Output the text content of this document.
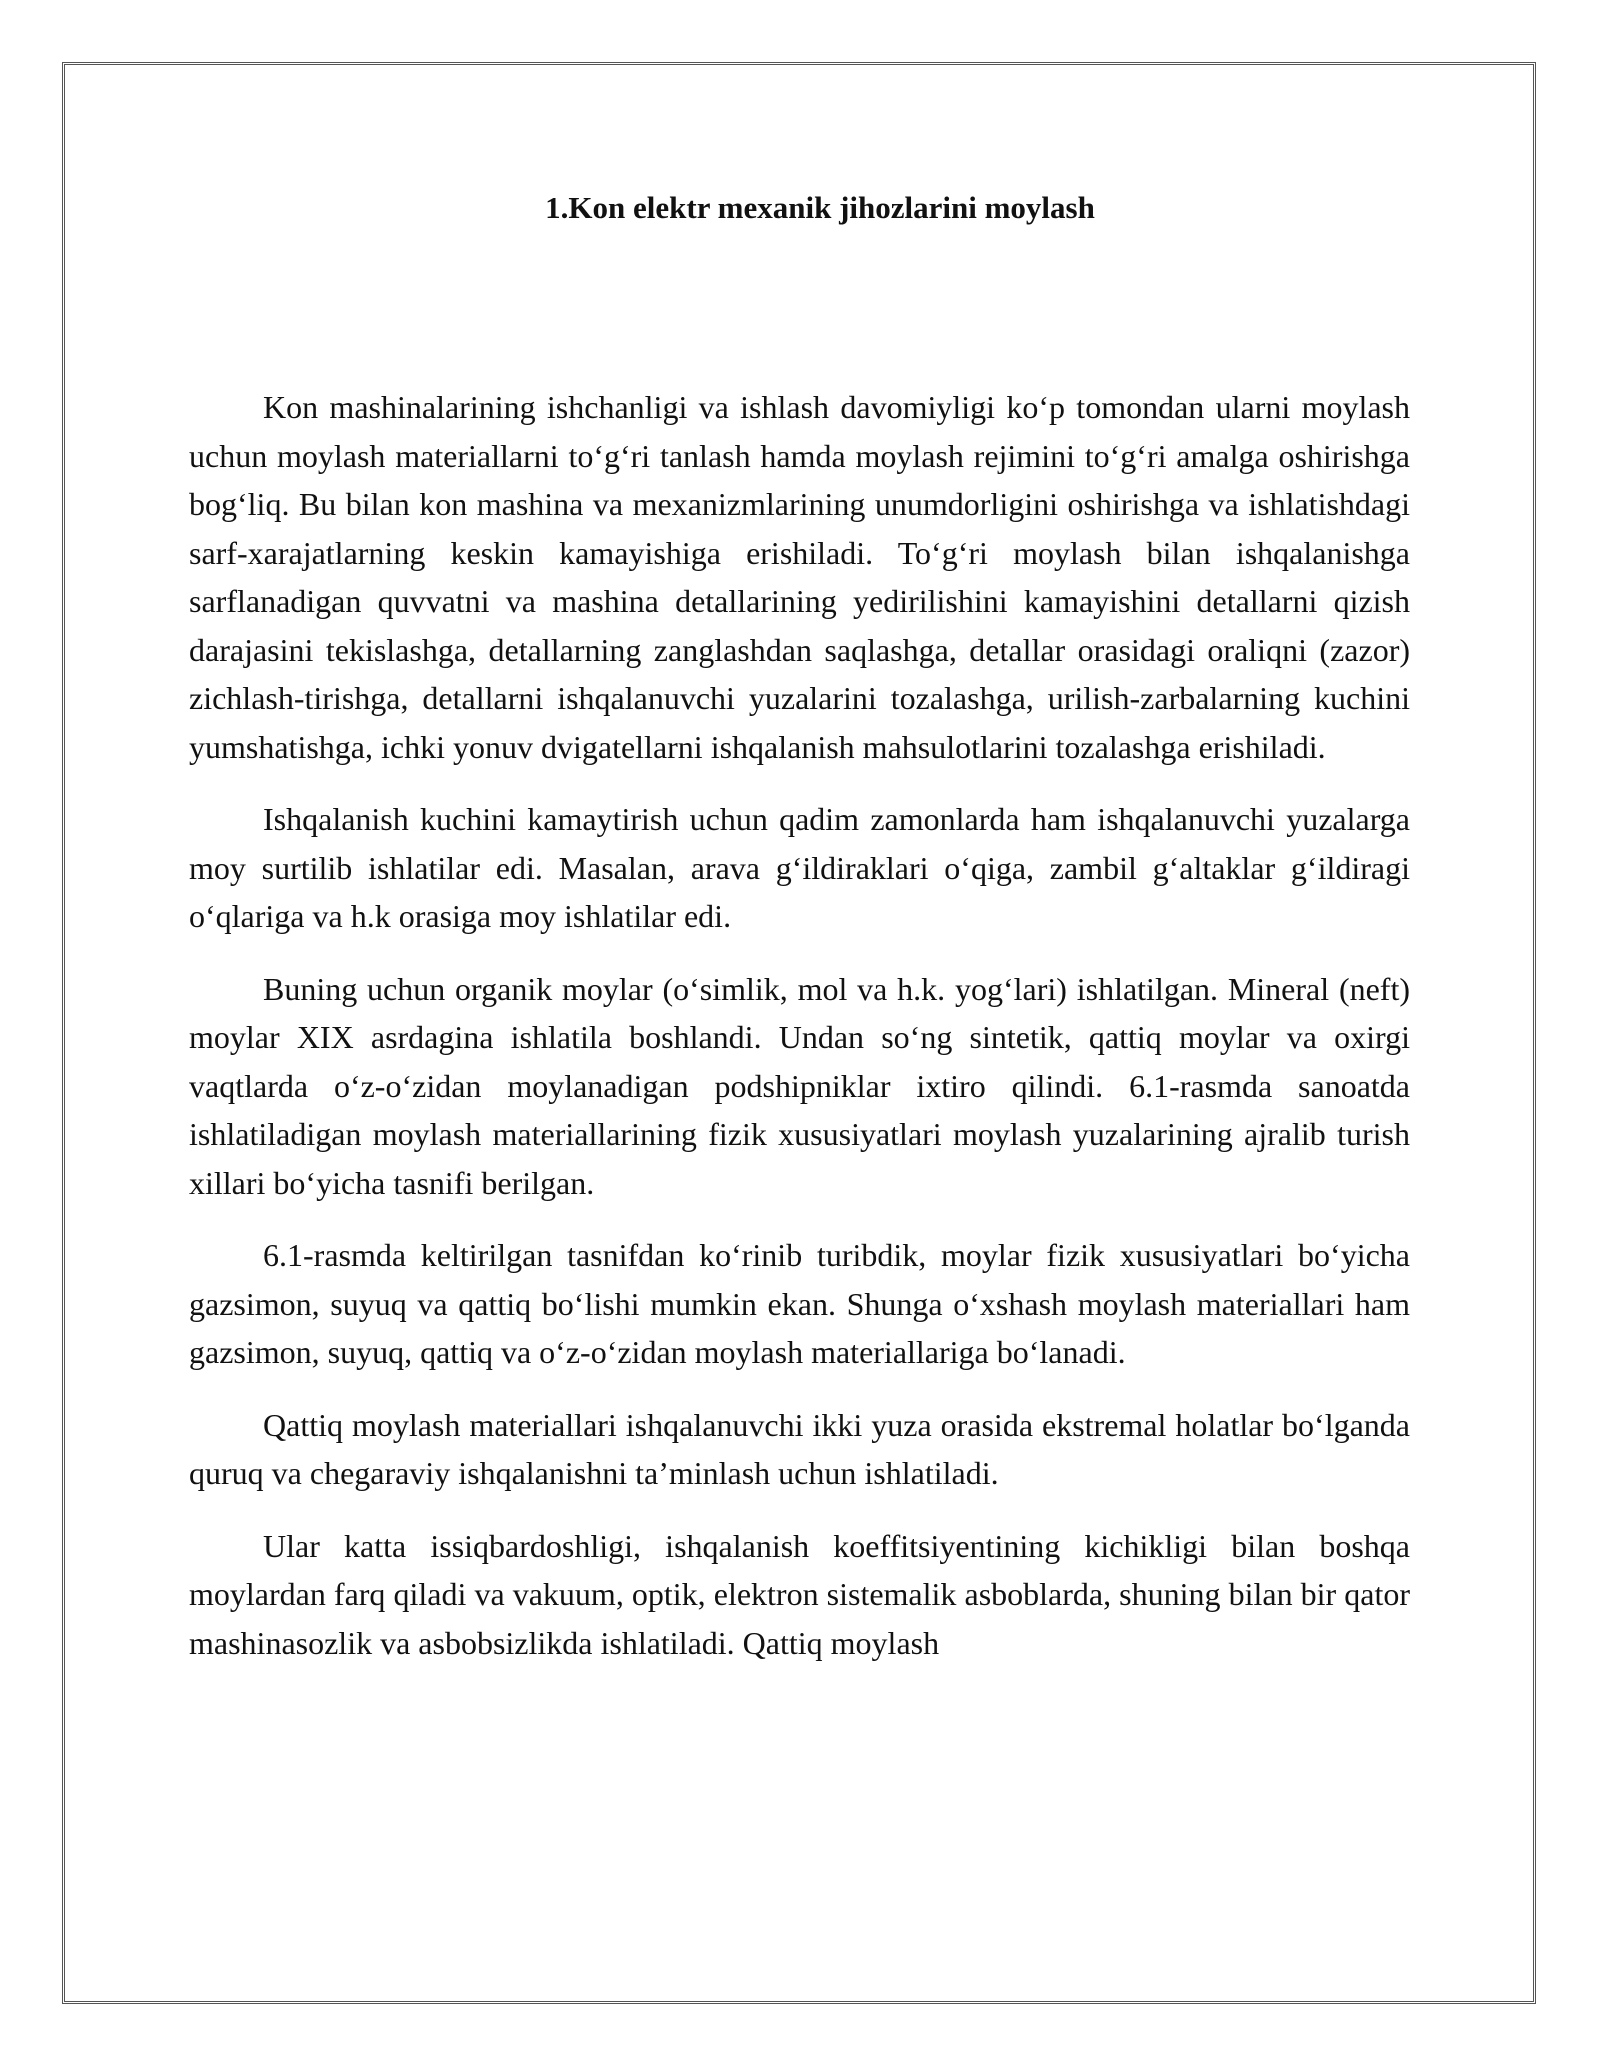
1.Kon elektr mexanik jihozlarini moylash

Kon mashinalarining ishchanligi va ishlash davomiyligi ko‘p tomondan ularni moylash uchun moylash materiallarni to‘g‘ri tanlash hamda moylash rejimini to‘g‘ri amalga oshirishga bog‘liq. Bu bilan kon mashina va mexanizmlarining unumdorligini oshirishga va ishlatishdagi sarf-xarajatlarning keskin kamayishiga erishiladi. To‘g‘ri moylash bilan ishqalanishga sarflanadigan quvvatni va mashina detallarining yedirilishini kamayishini detallarni qizish darajasini tekislashga, detallarning zanglashdan saqlashga, detallar orasidagi oraliqni (zazor) zichlash-tirishga, detallarni ishqalanuvchi yuzalarini tozalashga, urilish-zarbalarning kuchini yumshatishga, ichki yonuv dvigatellarni ishqalanish mahsulotlarini tozalashga erishiladi.

Ishqalanish kuchini kamaytirish uchun qadim zamonlarda ham ishqalanuvchi yuzalarga moy surtilib ishlatilar edi. Masalan, arava g‘ildiraklari o‘qiga, zambil g‘altaklar g‘ildiragi o‘qlariga va h.k orasiga moy ishlatilar edi.

Buning uchun organik moylar (o‘simlik, mol va h.k. yog‘lari) ishlatilgan. Mineral (neft) moylar XIX asrdagina ishlatila boshlandi. Undan so‘ng sintetik, qattiq moylar va oxirgi vaqtlarda o‘z-o‘zidan moylanadigan podshipniklar ixtiro qilindi. 6.1-rasmda sanoatda ishlatiladigan moylash materiallarining fizik xususiyatlari moylash yuzalarining ajralib turish xillari bo‘yicha tasnifi berilgan.

6.1-rasmda keltirilgan tasnifdan ko‘rinib turibdik, moylar fizik xususiyatlari bo‘yicha gazsimon, suyuq va qattiq bo‘lishi mumkin ekan. Shunga o‘xshash moylash materiallari ham gazsimon, suyuq, qattiq va o‘z-o‘zidan moylash materiallariga bo‘lanadi.

Qattiq moylash materiallari ishqalanuvchi ikki yuza orasida ekstremal holatlar bo‘lganda quruq va chegaraviy ishqalanishni ta’minlash uchun ishlatiladi.

Ular katta issiqbardoshligi, ishqalanish koeffitsiyentining kichikligi bilan boshqa moylardan farq qiladi va vakuum, optik, elektron sistemalik asboblarda, shuning bilan bir qator mashinasozlik va asbobsizlikda ishlatiladi. Qattiq moylash
